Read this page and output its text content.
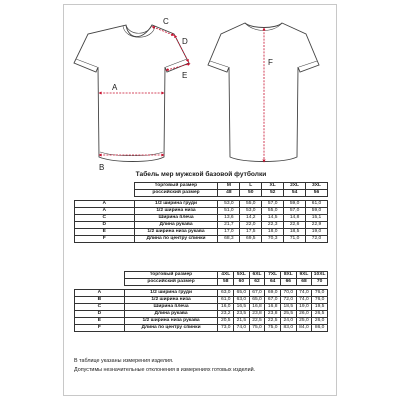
A
B
C
D
E
F
Табель мер мужской базовой футболки
	торговый размер	M	L	XL	2XL	3XL
	российский размер	48	50	52	54	56

A	1/2 ширина груди	53,0	55,0	57,0	59,0	61,0
A	1/2 ширина низа	51,0	53,0	55,0	57,0	59,0
C	Ширина плеча	13,6	14,2	14,5	14,8	15,1
D	Длина рукава	21,7	22,0	22,3	22,6	22,9
E	1/2 ширина низа рукава	17,0	17,5	18,0	18,5	19,0
F	Длина по центру спинки	68,3	69,5	70,3	71,0	72,0
	торговый размер	4XL	5XL	6XL	7XL	8XL	9XL	10XL
	российский размер	58	60	62	64	66	68	70

A	1/2 ширина груди	63,0	65,0	67,0	69,0	70,0	74,0	76,0
B	1/2 ширина низа	61,0	63,0	65,0	67,0	72,0	74,0	76,0
C	Ширина плеча	16,0	16,5	16,8	16,8	18,5	19,0	19,5
D	Длина рукава	23,2	23,5	23,8	23,8	25,5	26,0	26,5
E	1/2 ширина низа рукава	20,5	21,5	22,5	22,5	24,0	25,0	26,0
F	Длина по центру спинки	73,0	74,0	75,0	75,0	83,0	84,0	86,0
В таблице указаны измерения изделия.
Допустимы незначительные отклонения в измерениях готовых изделий.
